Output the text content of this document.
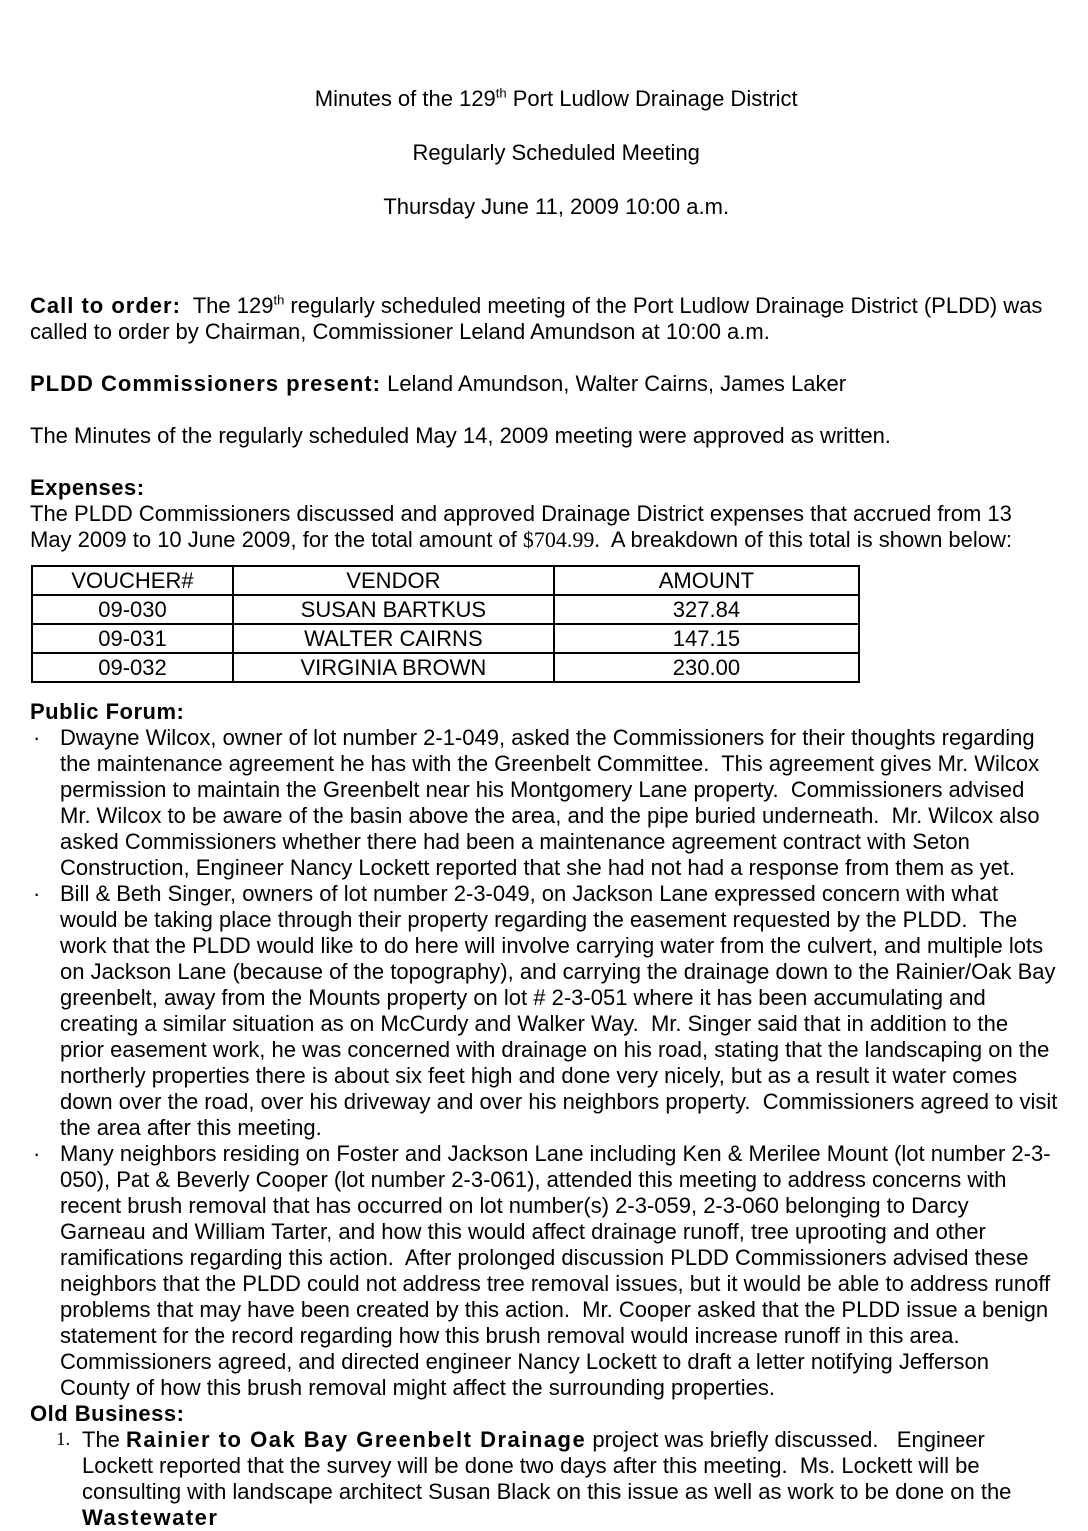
Minutes of the 129th Port Ludlow Drainage District

Regularly Scheduled Meeting

Thursday June 11, 2009 10:00 a.m.

Call to order:  The 129th regularly scheduled meeting of the Port Ludlow Drainage District (PLDD) was called to order by Chairman, Commissioner Leland Amundson at 10:00 a.m.

PLDD Commissioners present: Leland Amundson, Walter Cairns, James Laker

The Minutes of the regularly scheduled May 14, 2009 meeting were approved as written.

Expenses:

The PLDD Commissioners discussed and approved Drainage District expenses that accrued from 13 May 2009 to 10 June 2009, for the total amount of $704.99.  A breakdown of this total is shown below:

VOUCHER#	VENDOR	AMOUNT
09-030	SUSAN BARTKUS	327.84
09-031	WALTER CAIRNS	147.15
09-032	VIRGINIA BROWN	230.00
Public Forum:
· Dwayne Wilcox, owner of lot number 2-1-049, asked the Commissioners for their thoughts regarding the maintenance agreement he has with the Greenbelt Committee.  This agreement gives Mr. Wilcox permission to maintain the Greenbelt near his Montgomery Lane property.  Commissioners advised Mr. Wilcox to be aware of the basin above the area, and the pipe buried underneath.  Mr. Wilcox also asked Commissioners whether there had been a maintenance agreement contract with Seton Construction, Engineer Nancy Lockett reported that she had not had a response from them as yet.
· Bill & Beth Singer, owners of lot number 2-3-049, on Jackson Lane expressed concern with what would be taking place through their property regarding the easement requested by the PLDD.  The work that the PLDD would like to do here will involve carrying water from the culvert, and multiple lots on Jackson Lane (because of the topography), and carrying the drainage down to the Rainier/Oak Bay greenbelt, away from the Mounts property on lot # 2-3-051 where it has been accumulating and creating a similar situation as on McCurdy and Walker Way.  Mr. Singer said that in addition to the prior easement work, he was concerned with drainage on his road, stating that the landscaping on the northerly properties there is about six feet high and done very nicely, but as a result it water comes down over the road, over his driveway and over his neighbors property.  Commissioners agreed to visit the area after this meeting.
· Many neighbors residing on Foster and Jackson Lane including Ken & Merilee Mount (lot number 2-3-050), Pat & Beverly Cooper (lot number 2-3-061), attended this meeting to address concerns with recent brush removal that has occurred on lot number(s) 2-3-059, 2-3-060 belonging to Darcy Garneau and William Tarter, and how this would affect drainage runoff, tree uprooting and other ramifications regarding this action.  After prolonged discussion PLDD Commissioners advised these neighbors that the PLDD could not address tree removal issues, but it would be able to address runoff problems that may have been created by this action.  Mr. Cooper asked that the PLDD issue a benign statement for the record regarding how this brush removal would increase runoff in this area.  Commissioners agreed, and directed engineer Nancy Lockett to draft a letter notifying Jefferson County of how this brush removal might affect the surrounding properties.
Old Business:
1. The Rainier to Oak Bay Greenbelt Drainage project was briefly discussed.   Engineer Lockett reported that the survey will be done two days after this meeting.  Ms. Lockett will be consulting with landscape architect Susan Black on this issue as well as work to be done on the Wastewater
